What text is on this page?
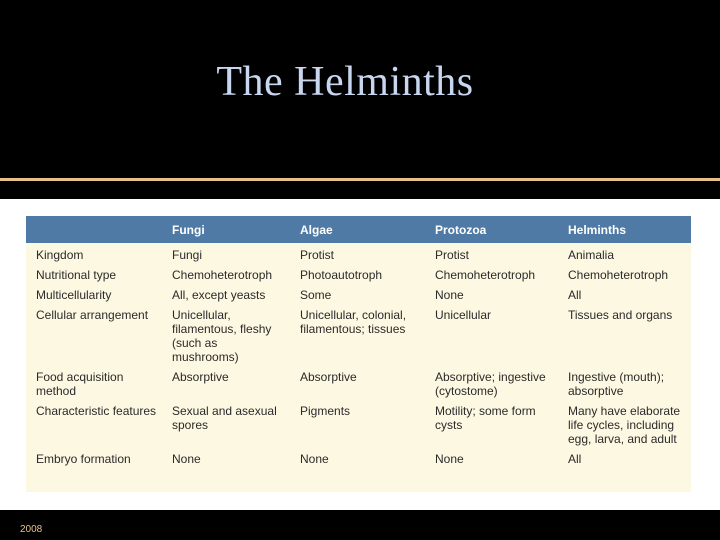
The Helminths
	Fungi	Algae	Protozoa	Helminths
Kingdom	Fungi	Protist	Protist	Animalia
Nutritional type	Chemoheterotroph	Photoautotroph	Chemoheterotroph	Chemoheterotroph
Multicellularity	All, except yeasts	Some	None	All
Cellular arrangement	Unicellular, filamentous, fleshy (such as mushrooms)	Unicellular, colonial, filamentous; tissues	Unicellular	Tissues and organs
Food acquisition method	Absorptive	Absorptive	Absorptive; ingestive (cytostome)	Ingestive (mouth); absorptive
Characteristic features	Sexual and asexual spores	Pigments	Motility; some form cysts	Many have elaborate life cycles, including egg, larva, and adult
Embryo formation	None	None	None	All
2008
